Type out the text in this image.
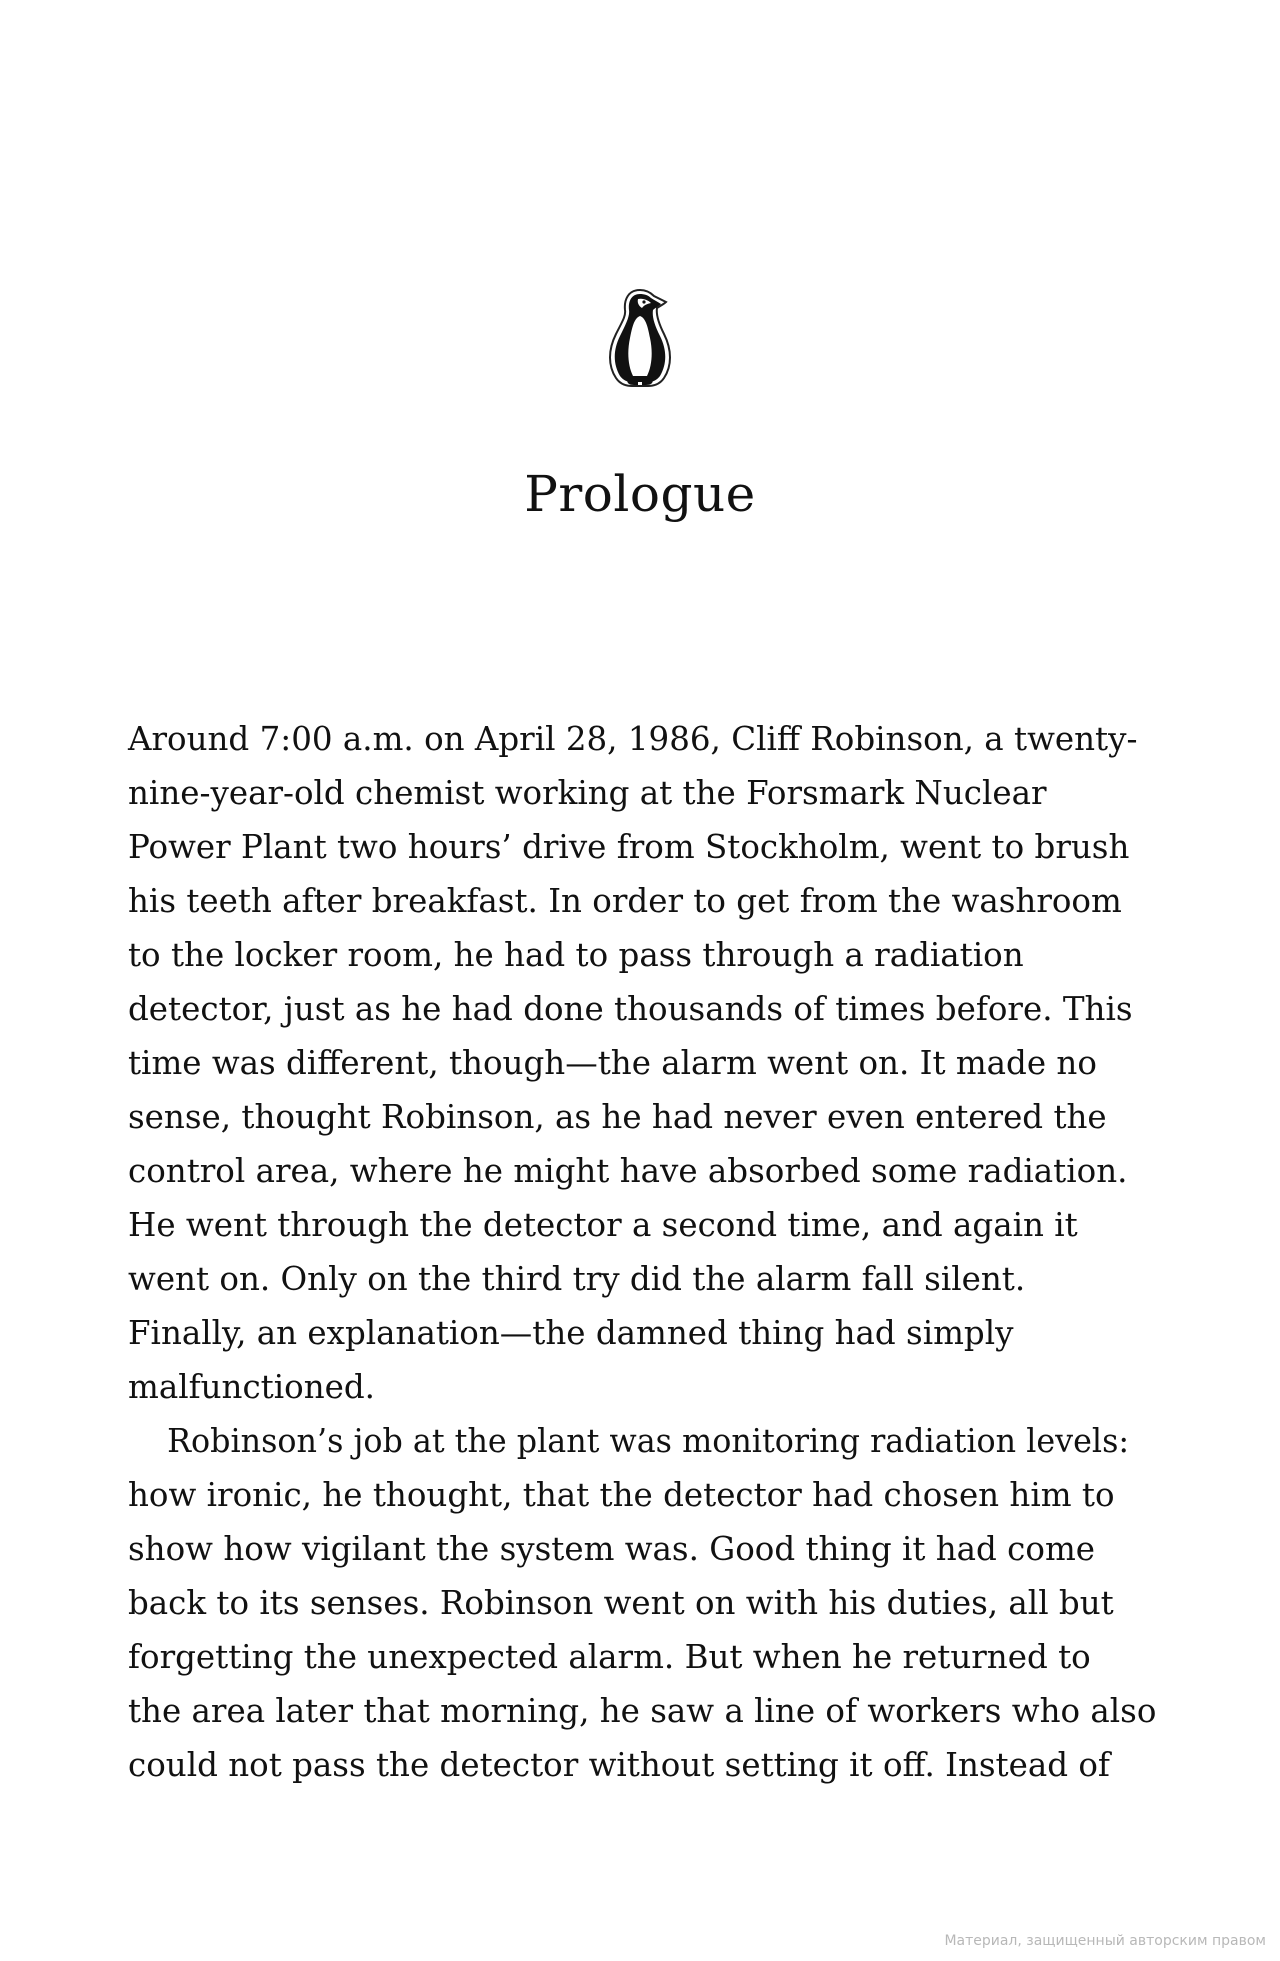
Prologue

Around 7:00 a.m. on April 28, 1986, Cliff Robinson, a twenty-
nine-year-old chemist working at the Forsmark Nuclear
Power Plant two hours’ drive from Stockholm, went to brush
his teeth after breakfast. In order to get from the washroom
to the locker room, he had to pass through a radiation
detector, just as he had done thousands of times before. This
time was different, though—the alarm went on. It made no
sense, thought Robinson, as he had never even entered the
control area, where he might have absorbed some radiation.
He went through the detector a second time, and again it
went on. Only on the third try did the alarm fall silent.
Finally, an explanation—the damned thing had simply
malfunctioned.

Robinson’s job at the plant was monitoring radiation levels:
how ironic, he thought, that the detector had chosen him to
show how vigilant the system was. Good thing it had come
back to its senses. Robinson went on with his duties, all but
forgetting the unexpected alarm. But when he returned to
the area later that morning, he saw a line of workers who also
could not pass the detector without setting it off. Instead of

Материал, защищенный авторским правом
